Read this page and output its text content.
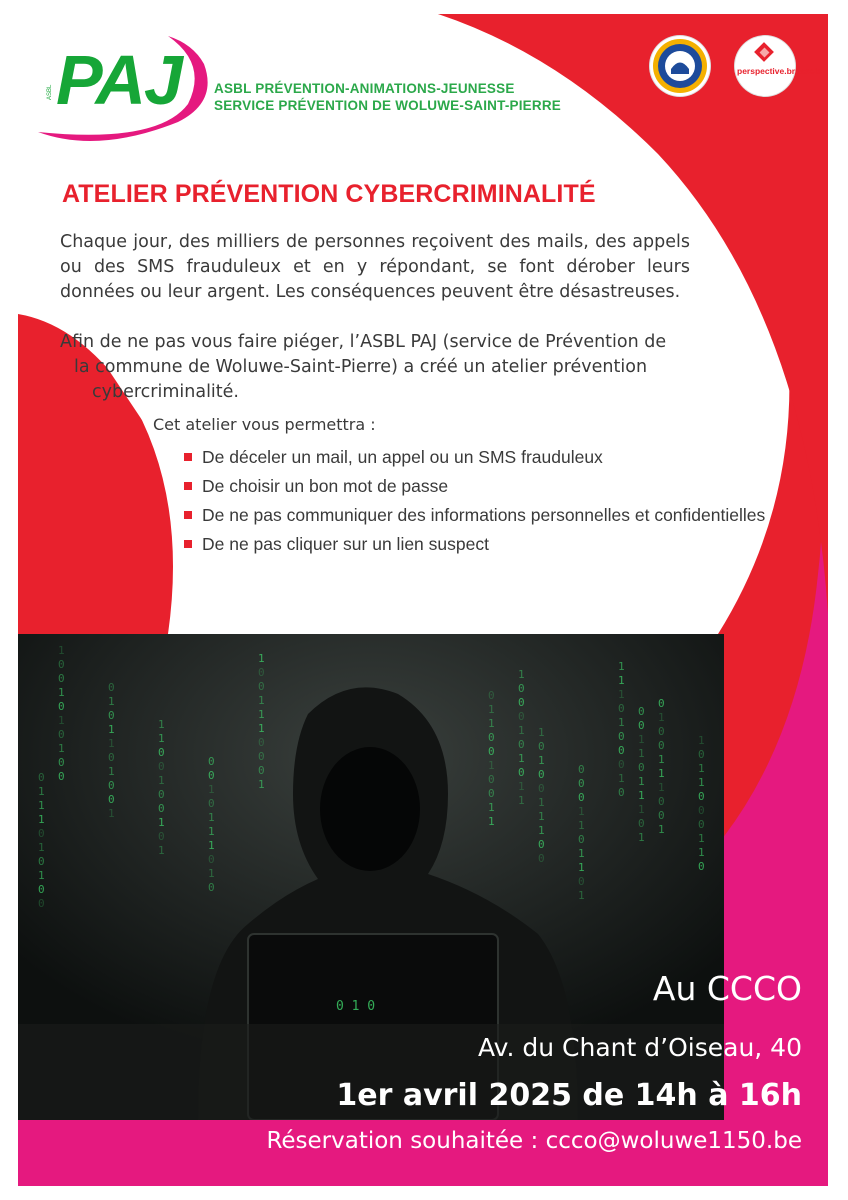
PAJ
ASBL	ASBL PRÉVENTION-ANIMATIONS-JEUNESSE
SERVICE PRÉVENTION DE WOLUWE-SAINT-PIERRE
perspective.brussels
ATELIER PRÉVENTION CYBERCRIMINALITÉ
Chaque jour, des milliers de personnes reçoivent des mails, des appels ou des SMS frauduleux et en y répondant, se font dérober leurs données ou leur argent. Les conséquences peuvent être désastreuses.
Afin de ne pas vous faire piéger, l’ASBL PAJ (service de Prévention de
la commune de Woluwe-Saint-Pierre) a créé un atelier prévention
cybercriminalité.
Cet atelier vous permettra :
De déceler un mail, un appel ou un SMS frauduleux
De choisir un bon mot de passe
De ne pas communiquer des informations personnelles et confidentielles
De ne pas cliquer sur un lien suspect
1
0
0
1
0
1
0
1
0
0
0
1
0
1
1
0
1
0
0
1
1
1
0
0
1
0
0
1
0
1
0
0
1
0
1
1
1
0
1
0
1
0
0
1
1
1
0
0
0
1
0
1
1
0
0
1
0
0
1
1
1
0
1
0
0
1
1
1
0
0
0
0
0
1
1
0
1
1
0
1
1
1
1
0
1
0
0
0
1
0
0
1
0
0
1
1
1
0
0
1
1
0
1
1
0
0
0
1
1
0
0
1
1
1
0
1
0
1
0
0
1
0
0
0
1
0
1
0
1
1
0
0
1
1
0
1
1
1
0
1
0 1 0	Au CCCO
Av. du Chant d’Oiseau, 40
1er avril 2025 de 14h à 16h
Réservation souhaitée : ccco@woluwe1150.be
